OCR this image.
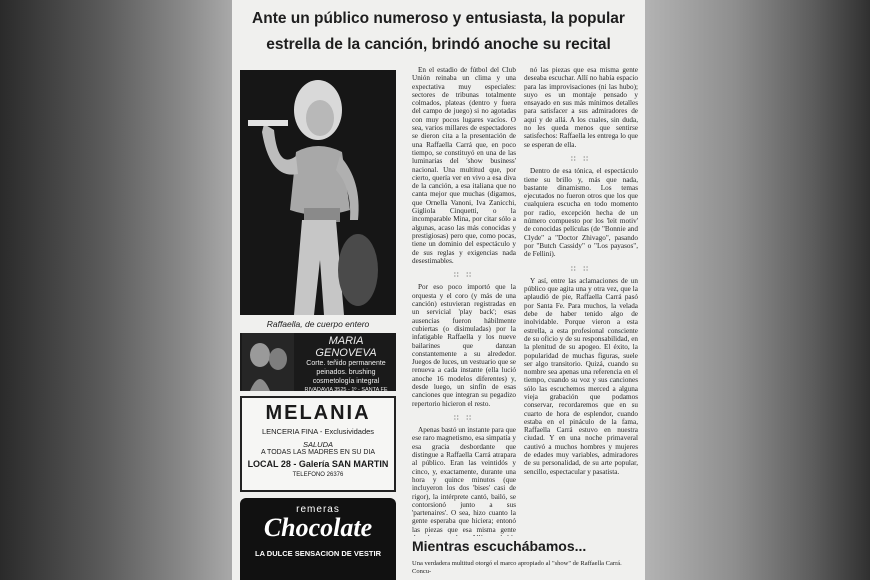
Ante un público numeroso y entusiasta, la popular
estrella de la canción, brindó anoche su recital
Raffaella, de cuerpo entero
MARIA GENOVEVA
Corte. teñido permanente
peinados. brushing
cosmetología integral
RIVADAVIA 3525 - 1º - SANTA FE
MELANIA
LENCERIA FINA - Exclusividades
SALUDA
A TODAS LAS MADRES EN SU DIA
LOCAL 28 - Galería SAN MARTIN
TELEFONO 26376
remeras
Chocolate
LA DULCE SENSACION DE VESTIR

En el estadio de fútbol del Club Unión reinaba un clima y una expectativa muy especiales: sectores de tribunas totalmente colmados, plateas (dentro y fuera del campo de juego) si no agotadas con muy pocos lugares vacíos. O sea, varios millares de espectadores se dieron cita a la presentación de una Raffaella Carrá que, en poco tiempo, se constituyó en una de las luminarias del 'show business' nacional. Una multitud que, por cierto, quería ver en vivo a esa diva de la canción, a esa italiana que no canta mejor que muchas (digamos, que Ornella Vanoni, Iva Zanicchi, Gigliola Cinquetti, o la incomparable Mina, por citar sólo a algunas, acaso las más conocidas y prestigiosas) pero que, como pocas, tiene un dominio del espectáculo y de sus reglas y exigencias nada desestimables.

∷ ∷

Por eso poco importó que la orquesta y el coro (y más de una canción) estuvieran registradas en un servicial 'play back'; esas ausencias fueron hábilmente cubiertas (o disimuladas) por la infatigable Raffaella y los nueve bailarines que danzan constantemente a su alrededor. Juegos de luces, un vestuario que se renueva a cada instante (ella lució anoche 16 modelos diferentes) y, desde luego, un sinfín de esas canciones que integran su pegadizo repertorio hicieron el resto.

∷ ∷

Apenas bastó un instante para que ese raro magnetismo, esa simpatía y esa gracia desbordante que distingue a Raffaella Carrá atrapara al público. Eran las veintidós y cinco, y, exactamente, durante una hora y quince minutos (que incluyeron los dos 'bises' casi de rigor), la intérprete cantó, bailó, se contorsionó junto a sus 'partenaires'. O sea, hizo cuanto la gente esperaba que hiciera; entonó las piezas que esa misma gente

nó las piezas que esa misma gente deseaba escuchar. Allí no había espacio para las improvisaciones (ni las hubo); suyo es un montaje pensado y ensayado en sus más mínimos detalles para satisfacer a sus admiradores de aquí y de allá. A los cuales, sin duda, no les queda menos que sentirse satisfechos: Raffaella les entrega lo que se esperan de ella.

∷ ∷

Dentro de esa tónica, el espectáculo tiene su brillo y, más que nada, bastante dinamismo. Los temas ejecutados no fueron otros que los que cualquiera escucha en todo momento por radio, excepción hecha de un número compuesto por los 'leit motiv' de conocidas películas (de "Bonnie and Clyde" a "Doctor Zhivago", pasando por "Butch Cassidy" o "Los payasos", de Fellini).

∷ ∷

Y así, entre las aclamaciones de un público que agita una y otra vez, que la aplaudió de pie, Raffaella Carrá pasó por Santa Fe. Para muchos, la velada debe de haber tenido algo de inolvidable. Porque vieron a esta estrella, a esta profesional consciente de su oficio y de su responsabilidad, en la plenitud de su apogeo. El éxito, la popularidad de muchas figuras, suele ser algo transitorio. Quizá, cuando su nombre sea apenas una referencia en el tiempo, cuando su voz y sus canciones sólo las escuchemos merced a alguna vieja grabación que podamos conservar, recordaremos que en su cuarto de hora de esplendor, cuando estaba en el pináculo de la fama, Raffaella Carrá estuvo en nuestra ciudad. Y en una noche primaveral cautivó a muchos hombres y mujeres de edades muy variables, admiradores de su personalidad, de su arte popular, sencillo, espectacular y pasatista.

Mientras escuchábamos...
Una verdadera multitud otorgó el marco apropiado al "show" de Raffaella Carrá. Concu-
